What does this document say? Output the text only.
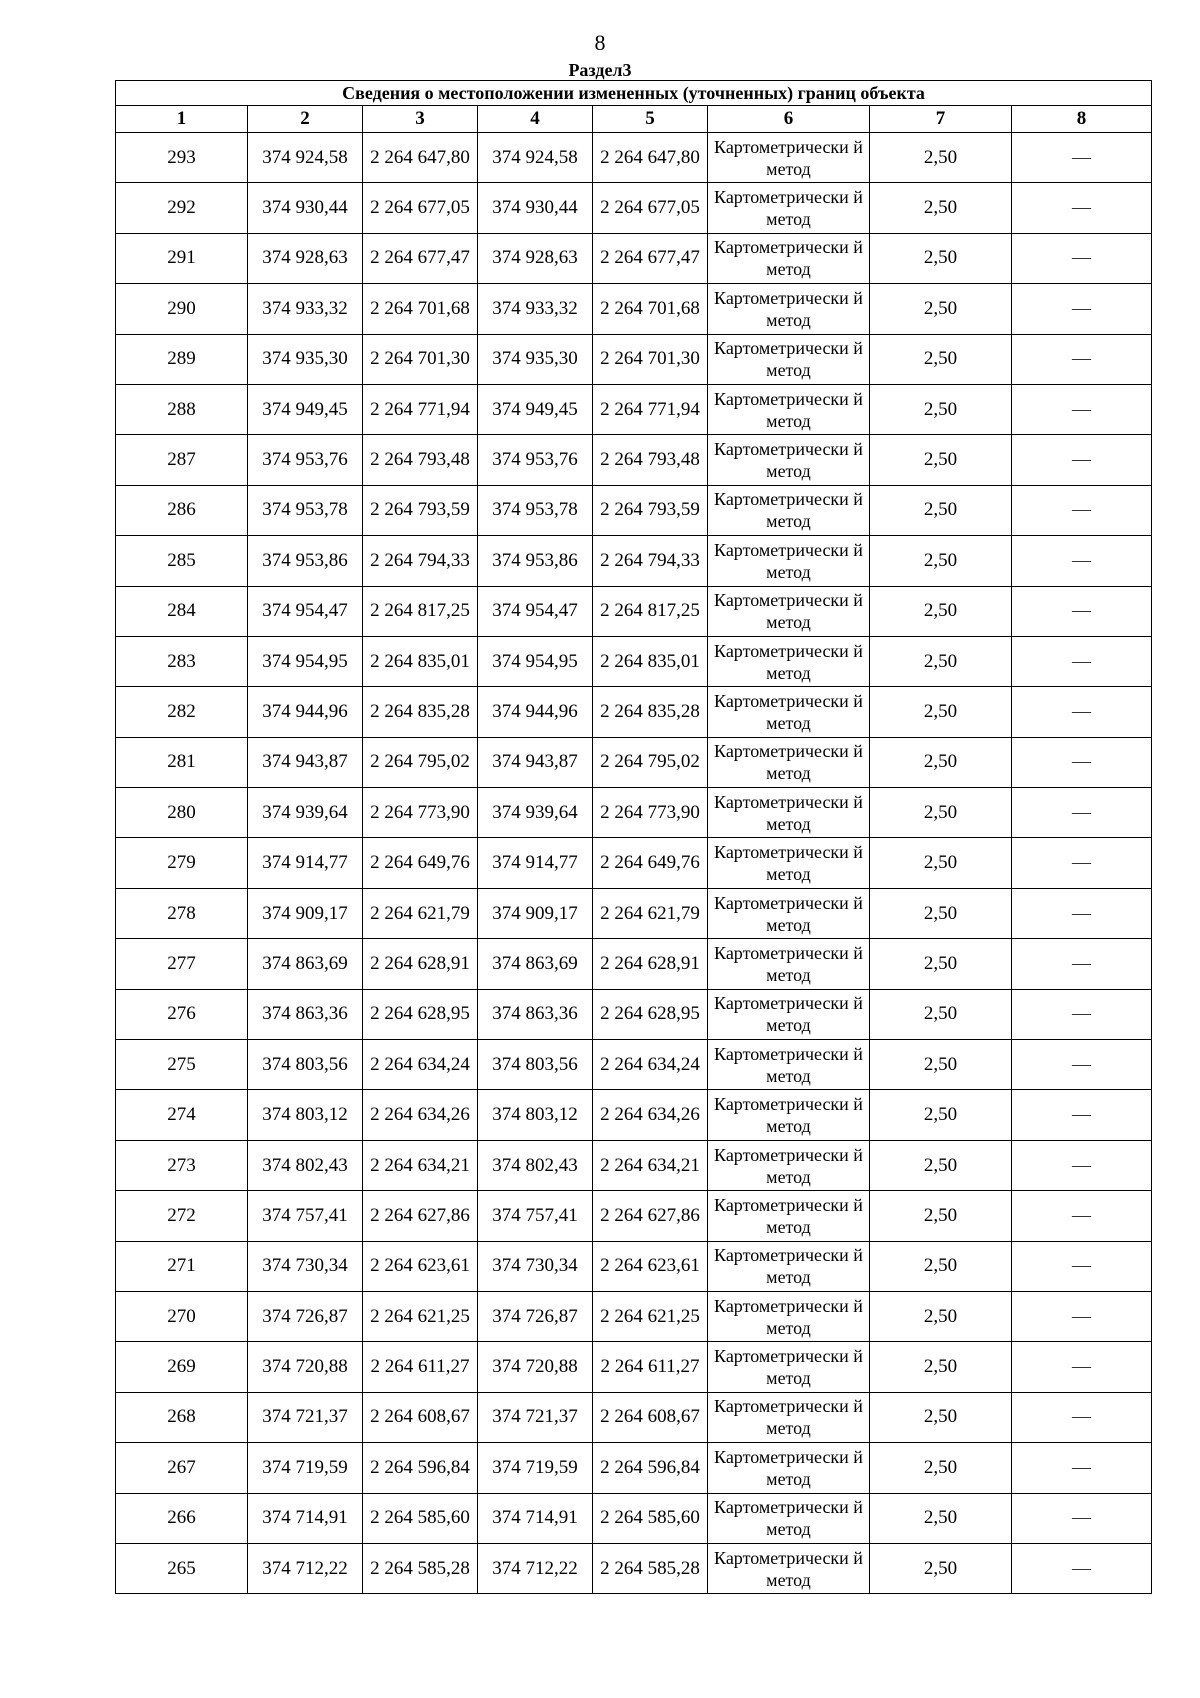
8
Раздел3
Сведения о местоположении измененных (уточненных) границ объекта							
1	2	3	4	5	6	7	8
293	374 924,58	2 264 647,80	374 924,58	2 264 647,80	Картометрически й метод	2,50	—
292	374 930,44	2 264 677,05	374 930,44	2 264 677,05	Картометрически й метод	2,50	—
291	374 928,63	2 264 677,47	374 928,63	2 264 677,47	Картометрически й метод	2,50	—
290	374 933,32	2 264 701,68	374 933,32	2 264 701,68	Картометрически й метод	2,50	—
289	374 935,30	2 264 701,30	374 935,30	2 264 701,30	Картометрически й метод	2,50	—
288	374 949,45	2 264 771,94	374 949,45	2 264 771,94	Картометрически й метод	2,50	—
287	374 953,76	2 264 793,48	374 953,76	2 264 793,48	Картометрически й метод	2,50	—
286	374 953,78	2 264 793,59	374 953,78	2 264 793,59	Картометрически й метод	2,50	—
285	374 953,86	2 264 794,33	374 953,86	2 264 794,33	Картометрически й метод	2,50	—
284	374 954,47	2 264 817,25	374 954,47	2 264 817,25	Картометрически й метод	2,50	—
283	374 954,95	2 264 835,01	374 954,95	2 264 835,01	Картометрически й метод	2,50	—
282	374 944,96	2 264 835,28	374 944,96	2 264 835,28	Картометрически й метод	2,50	—
281	374 943,87	2 264 795,02	374 943,87	2 264 795,02	Картометрически й метод	2,50	—
280	374 939,64	2 264 773,90	374 939,64	2 264 773,90	Картометрически й метод	2,50	—
279	374 914,77	2 264 649,76	374 914,77	2 264 649,76	Картометрически й метод	2,50	—
278	374 909,17	2 264 621,79	374 909,17	2 264 621,79	Картометрически й метод	2,50	—
277	374 863,69	2 264 628,91	374 863,69	2 264 628,91	Картометрически й метод	2,50	—
276	374 863,36	2 264 628,95	374 863,36	2 264 628,95	Картометрически й метод	2,50	—
275	374 803,56	2 264 634,24	374 803,56	2 264 634,24	Картометрически й метод	2,50	—
274	374 803,12	2 264 634,26	374 803,12	2 264 634,26	Картометрически й метод	2,50	—
273	374 802,43	2 264 634,21	374 802,43	2 264 634,21	Картометрически й метод	2,50	—
272	374 757,41	2 264 627,86	374 757,41	2 264 627,86	Картометрически й метод	2,50	—
271	374 730,34	2 264 623,61	374 730,34	2 264 623,61	Картометрически й метод	2,50	—
270	374 726,87	2 264 621,25	374 726,87	2 264 621,25	Картометрически й метод	2,50	—
269	374 720,88	2 264 611,27	374 720,88	2 264 611,27	Картометрически й метод	2,50	—
268	374 721,37	2 264 608,67	374 721,37	2 264 608,67	Картометрически й метод	2,50	—
267	374 719,59	2 264 596,84	374 719,59	2 264 596,84	Картометрически й метод	2,50	—
266	374 714,91	2 264 585,60	374 714,91	2 264 585,60	Картометрически й метод	2,50	—
265	374 712,22	2 264 585,28	374 712,22	2 264 585,28	Картометрически й метод	2,50	—
